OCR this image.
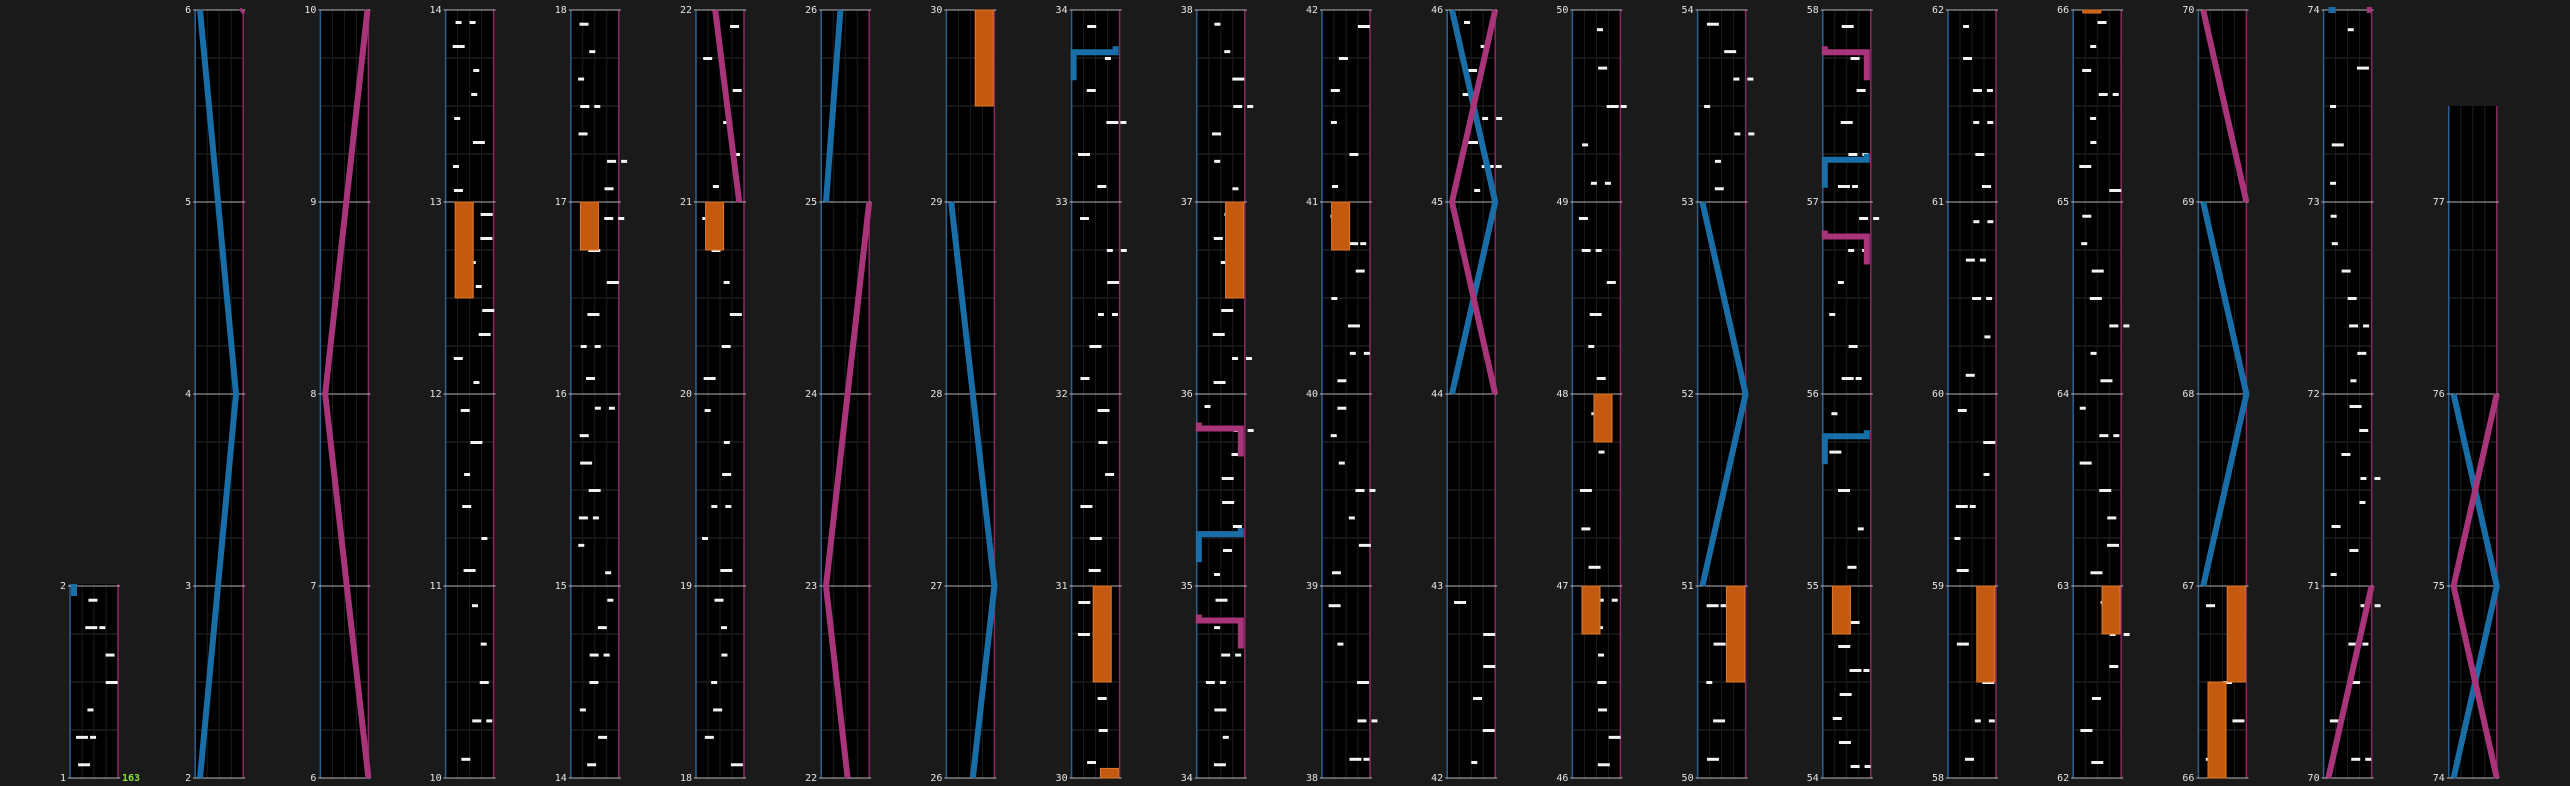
1
2
2
3
4
5
6
6
7
8
9
10
10
11
12
13
14
14
15
16
17
18
18
19
20
21
22
22
23
24
25
26
26
27
28
29
30
30
31
32
33
34
34
35
36
37
38
38
39
40
41
42
42
43
44
45
46
46
47
48
49
50
50
51
52
53
54
54
55
56
57
58
58
59
60
61
62
62
63
64
65
66
66
67
68
69
70
70
71
72
73
74
74
75
76
77
163
